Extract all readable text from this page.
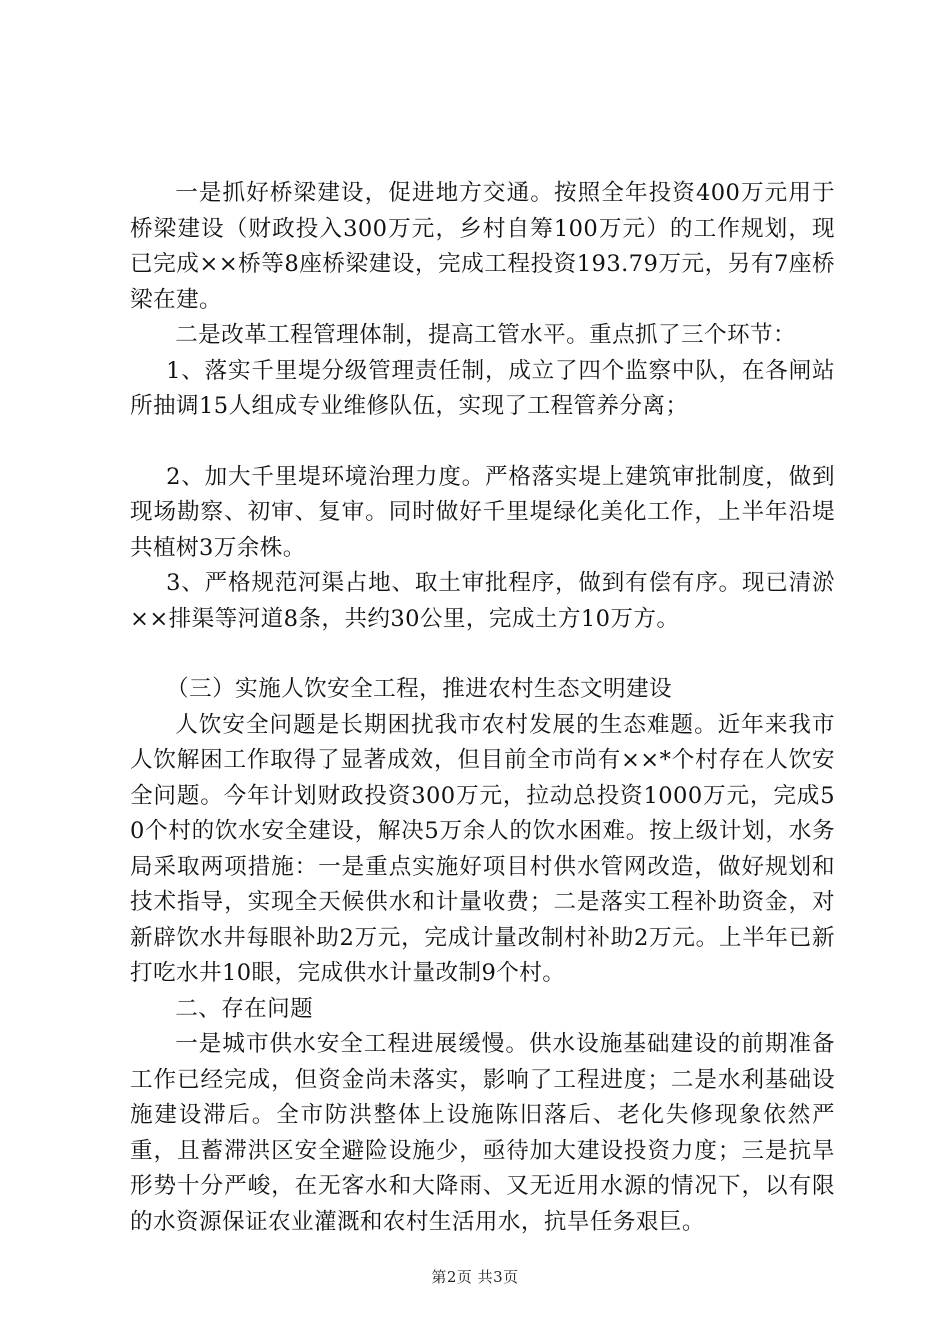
一是抓好桥梁建设，促进地方交通。按照全年投资400万元用于桥梁建设（财政投入300万元，乡村自筹100万元）的工作规划，现已完成××桥等8座桥梁建设，完成工程投资193.79万元，另有7座桥梁在建。

二是改革工程管理体制，提高工管水平。重点抓了三个环节：

1、落实千里堤分级管理责任制，成立了四个监察中队，在各闸站所抽调15人组成专业维修队伍，实现了工程管养分离；

2、加大千里堤环境治理力度。严格落实堤上建筑审批制度，做到现场勘察、初审、复审。同时做好千里堤绿化美化工作，上半年沿堤共植树3万余株。

3、严格规范河渠占地、取土审批程序，做到有偿有序。现已清淤××排渠等河道8条，共约30公里，完成土方10万方。

（三）实施人饮安全工程，推进农村生态文明建设

人饮安全问题是长期困扰我市农村发展的生态难题。近年来我市人饮解困工作取得了显著成效，但目前全市尚有××*个村存在人饮安全问题。今年计划财政投资300万元，拉动总投资1000万元，完成50个村的饮水安全建设，解决5万余人的饮水困难。按上级计划，水务局采取两项措施：一是重点实施好项目村供水管网改造，做好规划和技术指导，实现全天候供水和计量收费；二是落实工程补助资金，对新辟饮水井每眼补助2万元，完成计量改制村补助2万元。上半年已新打吃水井10眼，完成供水计量改制9个村。

二、存在问题

一是城市供水安全工程进展缓慢。供水设施基础建设的前期准备工作已经完成，但资金尚未落实，影响了工程进度；二是水利基础设施建设滞后。全市防洪整体上设施陈旧落后、老化失修现象依然严重，且蓄滞洪区安全避险设施少，亟待加大建设投资力度；三是抗旱形势十分严峻，在无客水和大降雨、又无近用水源的情况下，以有限的水资源保证农业灌溉和农村生活用水，抗旱任务艰巨。

第2页 共3页
